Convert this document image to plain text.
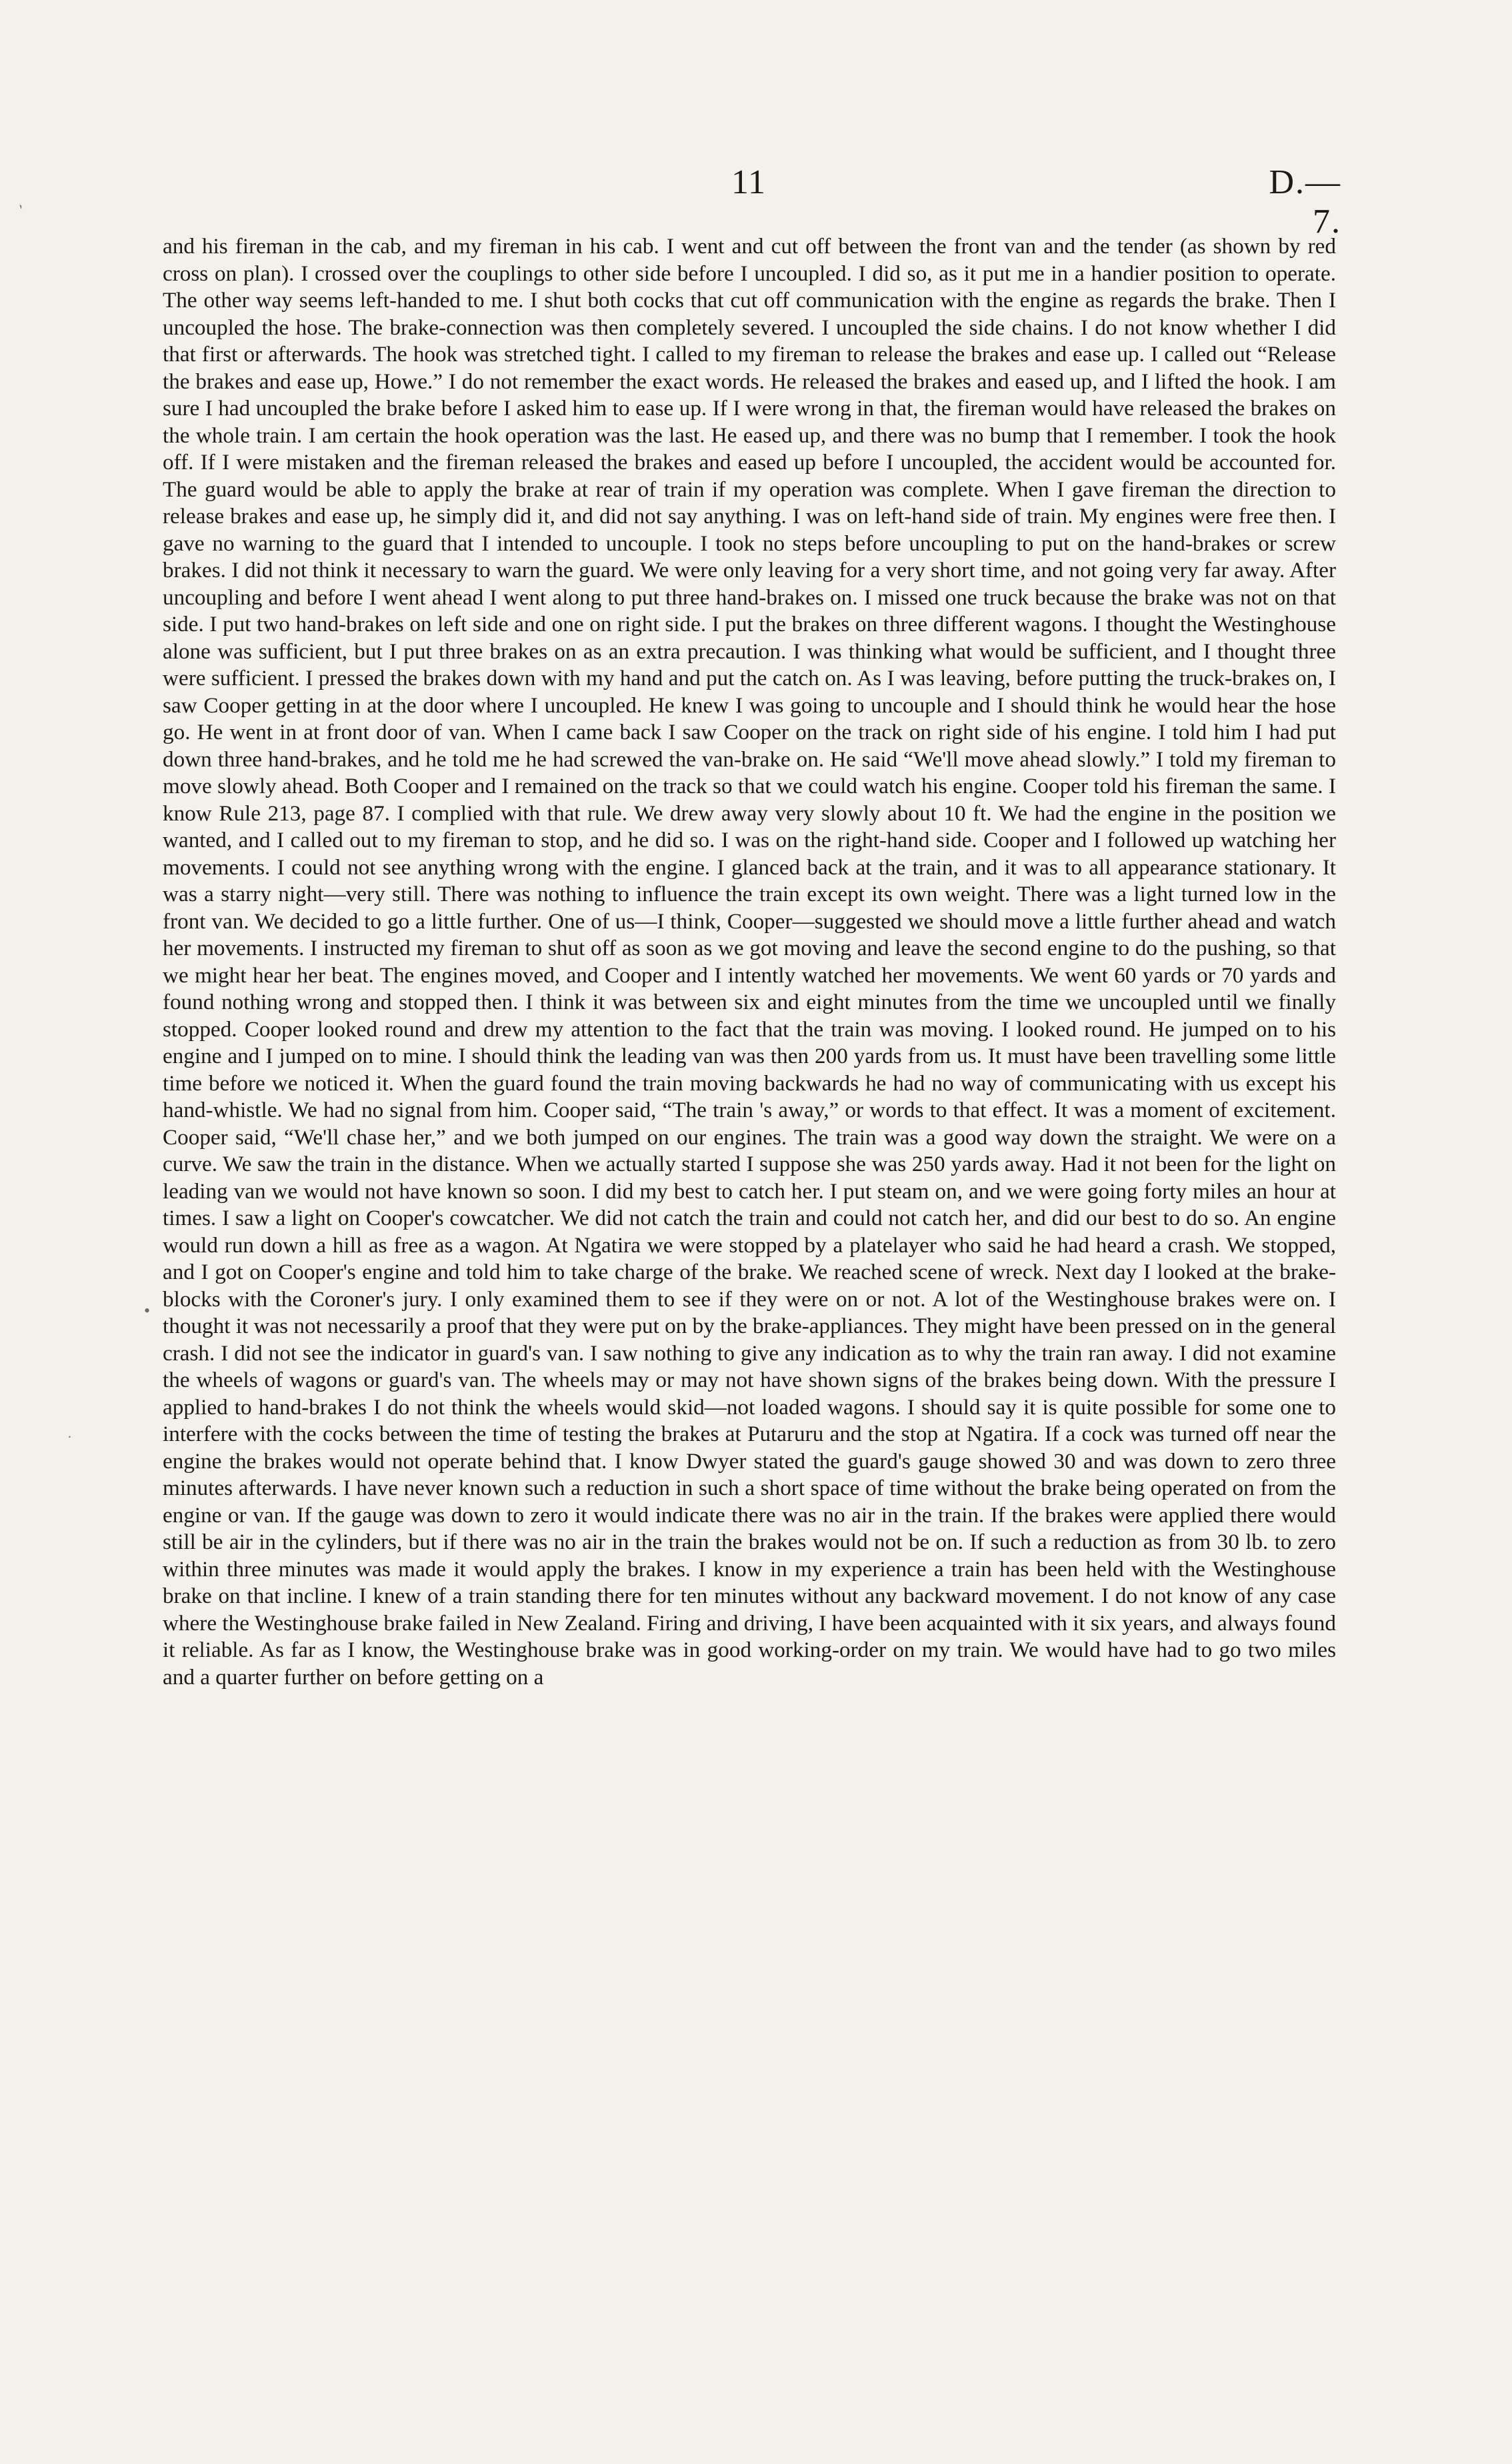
11	D.—7.
`
•
.

and his fireman in the cab, and my fireman in his cab. I went and cut off between the front van and the tender (as shown by red cross on plan). I crossed over the couplings to other side before I uncoupled. I did so, as it put me in a handier position to operate. The other way seems left-handed to me. I shut both cocks that cut off communication with the engine as regards the brake. Then I uncoupled the hose. The brake-connection was then completely severed. I uncoupled the side chains. I do not know whether I did that first or afterwards. The hook was stretched tight. I called to my fireman to release the brakes and ease up. I called out “Release the brakes and ease up, Howe.” I do not remember the exact words. He released the brakes and eased up, and I lifted the hook. I am sure I had uncoupled the brake before I asked him to ease up. If I were wrong in that, the fireman would have released the brakes on the whole train. I am certain the hook operation was the last. He eased up, and there was no bump that I remember. I took the hook off. If I were mistaken and the fireman released the brakes and eased up before I uncoupled, the accident would be accounted for. The guard would be able to apply the brake at rear of train if my operation was complete. When I gave fireman the direction to release brakes and ease up, he simply did it, and did not say anything. I was on left-hand side of train. My engines were free then. I gave no warning to the guard that I intended to uncouple. I took no steps before uncoupling to put on the hand-brakes or screw brakes. I did not think it necessary to warn the guard. We were only leaving for a very short time, and not going very far away. After uncoupling and before I went ahead I went along to put three hand-brakes on. I missed one truck because the brake was not on that side. I put two hand-brakes on left side and one on right side. I put the brakes on three different wagons. I thought the Westinghouse alone was sufficient, but I put three brakes on as an extra precaution. I was thinking what would be sufficient, and I thought three were sufficient. I pressed the brakes down with my hand and put the catch on. As I was leaving, before putting the truck-brakes on, I saw Cooper getting in at the door where I uncoupled. He knew I was going to uncouple and I should think he would hear the hose go. He went in at front door of van. When I came back I saw Cooper on the track on right side of his engine. I told him I had put down three hand-brakes, and he told me he had screwed the van-brake on. He said “We'll move ahead slowly.” I told my fireman to move slowly ahead. Both Cooper and I remained on the track so that we could watch his engine. Cooper told his fireman the same. I know Rule 213, page 87. I complied with that rule. We drew away very slowly about 10 ft. We had the engine in the position we wanted, and I called out to my fireman to stop, and he did so. I was on the right-hand side. Cooper and I followed up watching her movements. I could not see anything wrong with the engine. I glanced back at the train, and it was to all appearance stationary. It was a starry night—very still. There was nothing to influence the train except its own weight. There was a light turned low in the front van. We decided to go a little further. One of us—I think, Cooper—suggested we should move a little further ahead and watch her movements. I instructed my fireman to shut off as soon as we got moving and leave the second engine to do the pushing, so that we might hear her beat. The engines moved, and Cooper and I intently watched her movements. We went 60 yards or 70 yards and found nothing wrong and stopped then. I think it was between six and eight minutes from the time we uncoupled until we finally stopped. Cooper looked round and drew my attention to the fact that the train was moving. I looked round. He jumped on to his engine and I jumped on to mine. I should think the leading van was then 200 yards from us. It must have been travelling some little time before we noticed it. When the guard found the train moving backwards he had no way of communicating with us except his hand-whistle. We had no signal from him. Cooper said, “The train 's away,” or words to that effect. It was a moment of excitement. Cooper said, “We'll chase her,” and we both jumped on our engines. The train was a good way down the straight. We were on a curve. We saw the train in the distance. When we actually started I suppose she was 250 yards away. Had it not been for the light on leading van we would not have known so soon. I did my best to catch her. I put steam on, and we were going forty miles an hour at times. I saw a light on Cooper's cowcatcher. We did not catch the train and could not catch her, and did our best to do so. An engine would run down a hill as free as a wagon. At Ngatira we were stopped by a platelayer who said he had heard a crash. We stopped, and I got on Cooper's engine and told him to take charge of the brake. We reached scene of wreck. Next day I looked at the brake-blocks with the Coroner's jury. I only examined them to see if they were on or not. A lot of the Westinghouse brakes were on. I thought it was not necessarily a proof that they were put on by the brake-appliances. They might have been pressed on in the general crash. I did not see the indicator in guard's van. I saw nothing to give any indication as to why the train ran away. I did not examine the wheels of wagons or guard's van. The wheels may or may not have shown signs of the brakes being down. With the pressure I applied to hand-brakes I do not think the wheels would skid—not loaded wagons. I should say it is quite possible for some one to interfere with the cocks between the time of testing the brakes at Putaruru and the stop at Ngatira. If a cock was turned off near the engine the brakes would not operate behind that. I know Dwyer stated the guard's gauge showed 30 and was down to zero three minutes afterwards. I have never known such a reduction in such a short space of time without the brake being operated on from the engine or van. If the gauge was down to zero it would indicate there was no air in the train. If the brakes were applied there would still be air in the cylinders, but if there was no air in the train the brakes would not be on. If such a reduction as from 30 lb. to zero within three minutes was made it would apply the brakes. I know in my experience a train has been held with the Westinghouse brake on that incline. I knew of a train standing there for ten minutes without any backward movement. I do not know of any case where the Westinghouse brake failed in New Zealand. Firing and driving, I have been acquainted with it six years, and always found it reliable. As far as I know, the Westinghouse brake was in good working-order on my train. We would have had to go two miles and a quarter further on before getting on a
